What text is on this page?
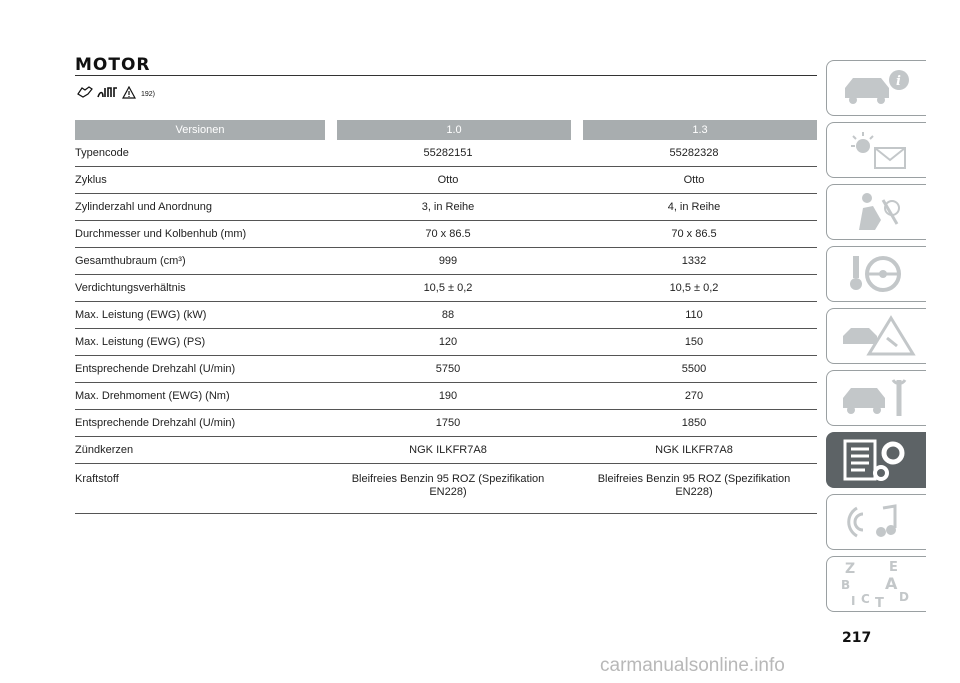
MOTOR
192)
Versionen	1.0	1.3
Typencode	55282151	55282328
Zyklus	Otto	Otto
Zylinderzahl und Anordnung	3, in Reihe	4, in Reihe
Durchmesser und Kolbenhub (mm)	70 x 86.5	70 x 86.5
Gesamthubraum (cm³)	999	1332
Verdichtungsverhältnis	10,5 ± 0,2	10,5 ± 0,2
Max. Leistung (EWG) (kW)	88	110
Max. Leistung (EWG) (PS)	120	150
Entsprechende Drehzahl (U/min)	5750	5500
Max. Drehmoment (EWG) (Nm)	190	270
Entsprechende Drehzahl (U/min)	1750	1850
Zündkerzen	NGK ILKFR7A8	NGK ILKFR7A8
Kraftstoff	Bleifreies Benzin 95 ROZ (Spezifikation EN228)	Bleifreies Benzin 95 ROZ (Spezifikation EN228)
i
Z	E
B A
I C T D
217
carmanualsonline.info
